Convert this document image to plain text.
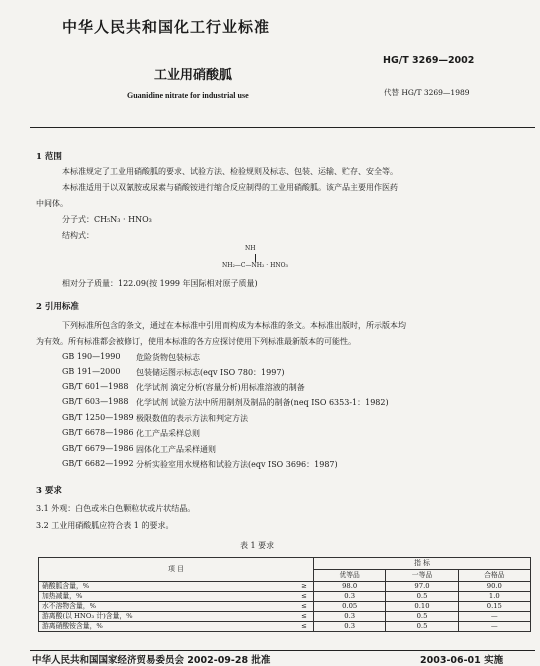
中华人民共和国化工行业标准
HG/T 3269—2002
工业用硝酸胍
Guanidine nitrate for industrial use	代替 HG/T 3269—1989
1 范围
本标准规定了工业用硝酸胍的要求、试验方法、检验规则及标志、包装、运输、贮存、安全等。
本标准适用于以双氰胺或尿素与硝酸铵进行缩合反应制得的工业用硝酸胍。该产品主要用作医药
中间体。
分子式：CH₅N₃ · HNO₃
结构式：
NH
NH₂—C—NH₂ · HNO₃
相对分子质量：122.09(按 1999 年国际相对原子质量)
2 引用标准
下列标准所包含的条文，通过在本标准中引用而构成为本标准的条文。本标准出版时，所示版本均
为有效。所有标准都会被修订，使用本标准的各方应探讨使用下列标准最新版本的可能性。
GB 190—1990 危险货物包装标志
GB 191—2000 包装储运图示标志(eqv ISO 780：1997)
GB/T 601—1988 化学试剂 滴定分析(容量分析)用标准溶液的制备
GB/T 603—1988 化学试剂 试验方法中所用制剂及制品的制备(neq ISO 6353-1：1982)
GB/T 1250—1989 极限数值的表示方法和判定方法
GB/T 6678—1986 化工产品采样总则
GB/T 6679—1986 固体化工产品采样通则
GB/T 6682—1992 分析实验室用水规格和试验方法(eqv ISO 3696：1987)
3 要求
3.1 外观：白色或米白色颗粒状或片状结晶。
3.2 工业用硝酸胍应符合表 1 的要求。
表 1 要求
项 目		指 标		
		优等品	一等品	合格品
硝酸胍含量，%	≥	98.0	97.0	90.0
加热减量，%	≤	0.3	0.5	1.0
水不溶物含量，%	≤	0.05	0.10	0.15
游离酸(以 HNO₃ 计)含量，%	≤	0.3	0.5	—
游离硝酸铵含量，%	≤	0.3	0.5	—
中华人民共和国国家经济贸易委员会 2002-09-28 批准	2003-06-01 实施
